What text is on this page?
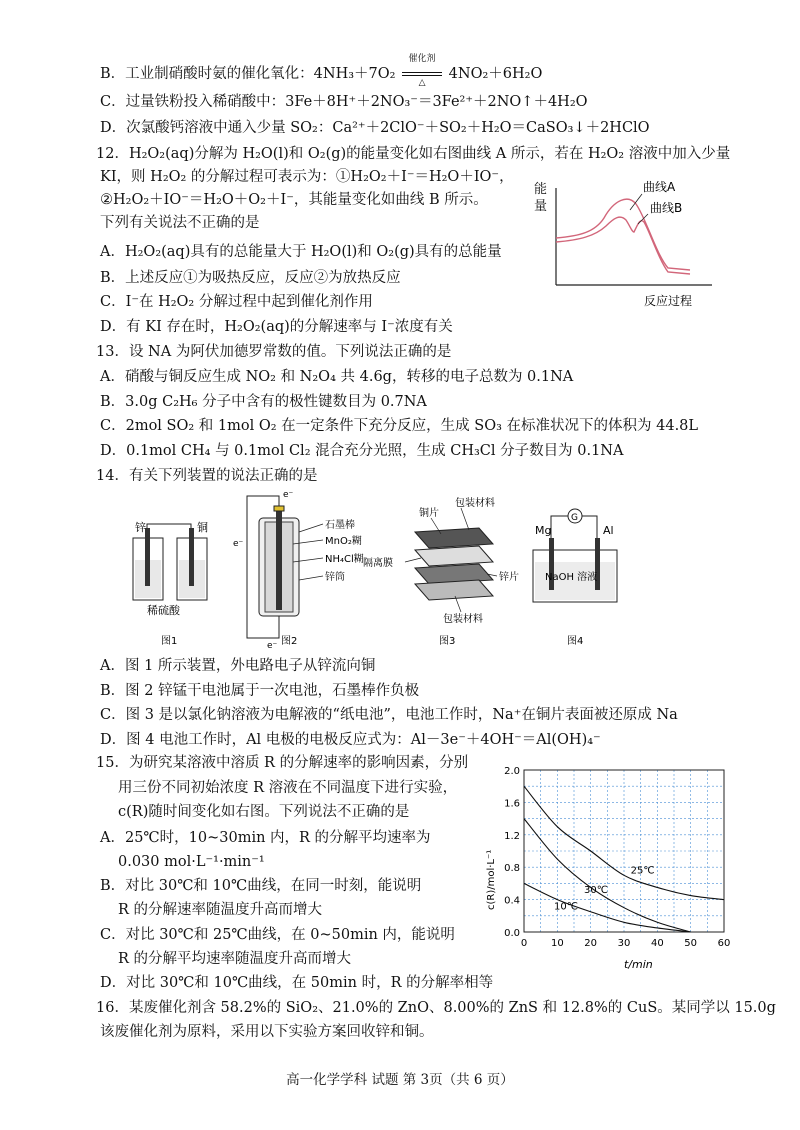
B．工业制硝酸时氨的催化氧化：4NH₃＋7O₂
催化剂
△
4NO₂＋6H₂O
C．过量铁粉投入稀硝酸中：3Fe＋8H⁺＋2NO₃⁻＝3Fe²⁺＋2NO↑＋4H₂O
D．次氯酸钙溶液中通入少量 SO₂：Ca²⁺＋2ClO⁻＋SO₂＋H₂O＝CaSO₃↓＋2HClO
12．H₂O₂(aq)分解为 H₂O(l)和 O₂(g)的能量变化如右图曲线 A 所示，若在 H₂O₂ 溶液中加入少量
KI，则 H₂O₂ 的分解过程可表示为：①H₂O₂＋I⁻＝H₂O＋IO⁻，
②H₂O₂＋IO⁻＝H₂O＋O₂＋I⁻，其能量变化如曲线 B 所示。
下列有关说法不正确的是
A．H₂O₂(aq)具有的总能量大于 H₂O(l)和 O₂(g)具有的总能量
B．上述反应①为吸热反应，反应②为放热反应
C．I⁻在 H₂O₂ 分解过程中起到催化剂作用
D．有 KI 存在时，H₂O₂(aq)的分解速率与 I⁻浓度有关
13．设 NA 为阿伏加德罗常数的值。下列说法正确的是
A．硝酸与铜反应生成 NO₂ 和 N₂O₄ 共 4.6g，转移的电子总数为 0.1NA
B．3.0g C₂H₆ 分子中含有的极性键数目为 0.7NA
C．2mol SO₂ 和 1mol O₂ 在一定条件下充分反应，生成 SO₃ 在标准状况下的体积为 44.8L
D．0.1mol CH₄ 与 0.1mol Cl₂ 混合充分光照，生成 CH₃Cl 分子数目为 0.1NA
14．有关下列装置的说法正确的是
A．图 1 所示装置，外电路电子从锌流向铜
B．图 2 锌锰干电池属于一次电池，石墨棒作负极
C．图 3 是以氯化钠溶液为电解液的“纸电池”，电池工作时，Na⁺在铜片表面被还原成 Na
D．图 4 电池工作时，Al 电极的电极反应式为：Al－3e⁻＋4OH⁻＝Al(OH)₄⁻
15．为研究某溶液中溶质 R 的分解速率的影响因素，分别
用三份不同初始浓度 R 溶液在不同温度下进行实验，
c(R)随时间变化如右图。下列说法不正确的是
A．25℃时，10~30min 内，R 的分解平均速率为
0.030 mol·L⁻¹·min⁻¹
B．对比 30℃和 10℃曲线，在同一时刻，能说明
R 的分解速率随温度升高而增大
C．对比 30℃和 25℃曲线，在 0~50min 内，能说明
R 的分解平均速率随温度升高而增大
D．对比 30℃和 10℃曲线，在 50min 时，R 的分解率相等
16．某废催化剂含 58.2%的 SiO₂、21.0%的 ZnO、8.00%的 ZnS 和 12.8%的 CuS。某同学以 15.0g
该废催化剂为原料，采用以下实验方案回收锌和铜。
高一化学学科 试题 第 3页（共 6 页）
曲线A
曲线B
反应过程
能量
锌	铜
稀硫酸
图1
石墨棒
MnO₂糊
NH₄Cl糊
锌筒
e⁻
e⁻
e⁻ 图2
铜片
包装材料
隔离膜
锌片
包装材料
图3
G
Mg	Al
NaOH 溶液
图4
0 10 20 30 40 50 60
0.0
0.4
0.8
1.2
1.6
2.0
25℃
30℃
10℃
t/min
c(R)/mol·L⁻¹
